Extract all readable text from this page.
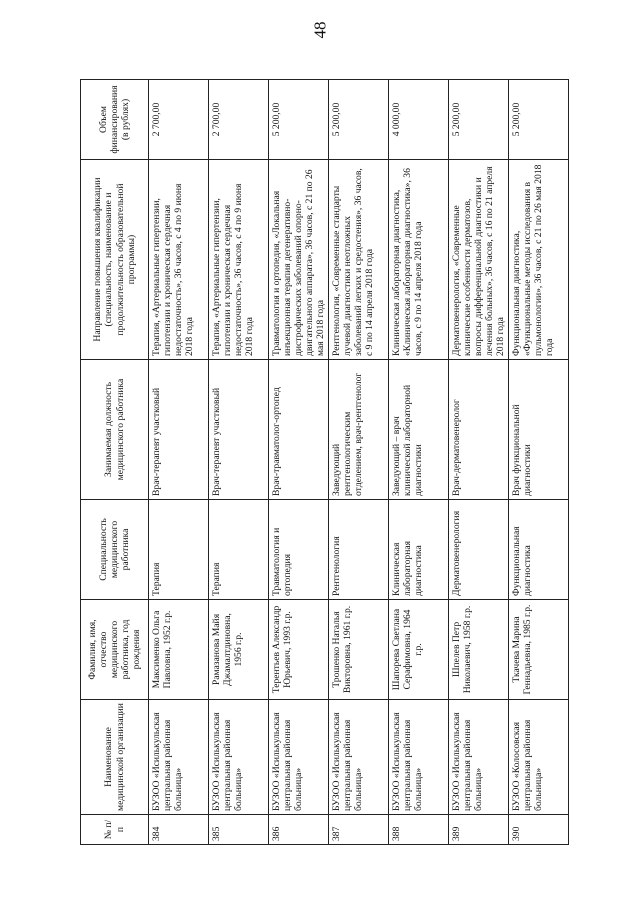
48
№ п/п	Наименование медицинской организации	Фамилия, имя, отчество медицинского работника, год рождения	Специальность медицинского работника	Занимаемая должность медицинского работника	Направление повышения квалификации (специальность, наименование и продолжительность образовательной программы)	Объем финансирования (в рублях)
384	БУЗОО «Исилькульская центральная районная больница»	Максименко Ольга Павловна, 1952 г.р.	Терапия	Врач-терапевт участковый	Терапия, «Артериальные гипертензии, гипотензии и хроническая сердечная недостаточность», 36 часов, с 4 по 9 июня 2018 года	2 700,00
385	БУЗОО «Исилькульская центральная районная больница»	Рамазанова Майя Джамалтдиновна, 1956 г.р.	Терапия	Врач-терапевт участковый	Терапия, «Артериальные гипертензии, гипотензии и хроническая сердечная недостаточность», 36 часов, с 4 по 9 июня 2018 года	2 700,00
386	БУЗОО «Исилькульская центральная районная больница»	Терентьев Александр Юрьевич, 1993 г.р.	Травматология и ортопедия	Врач-травматолог-ортопед	Травматология и ортопедия, «Локальная инъекционная терапия дегенеративно-дистрофических заболеваний опорно-двигательного аппарата», 36 часов, с 21 по 26 мая 2018 года	5 200,00
387	БУЗОО «Исилькульская центральная районная больница»	Трошенко Наталья Викторовна, 1961 г.р.	Рентгенология	Заведующий рентгенологическим отделением, врач-рентгенолог	Рентгенология, «Современные стандарты лучевой диагностики неотложных заболеваний легких и средостения», 36 часов, с 9 по 14 апреля 2018 года	5 200,00
388	БУЗОО «Исилькульская центральная районная больница»	Шапорева Светлана Серафимовна, 1964 г.р.	Клиническая лабораторная диагностика	Заведующий – врач клинической лабораторной диагностики	Клиническая лабораторная диагностика, «Клиническая лабораторная диагностика», 36 часов, с 9 по 14 апреля 2018 года	4 000,00
389	БУЗОО «Исилькульская центральная районная больница»	Шпелев Петр Николаевич, 1958 г.р.	Дерматовенерология	Врач-дерматовенеролог	Дерматовенерология, «Современные клинические особенности дерматозов, вопросы дифференциальной диагностики и лечения больных», 36 часов, с 16 по 21 апреля 2018 года	5 200,00
390	БУЗОО «Колосовская центральная районная больница»	Ткачева Марина Геннадьевна, 1985 г.р.	Функциональная диагностика	Врач функциональной диагностики	Функциональная диагностика, «Функциональные методы исследования в пульмонологии», 36 часов, с 21 по 26 мая 2018 года	5 200,00
